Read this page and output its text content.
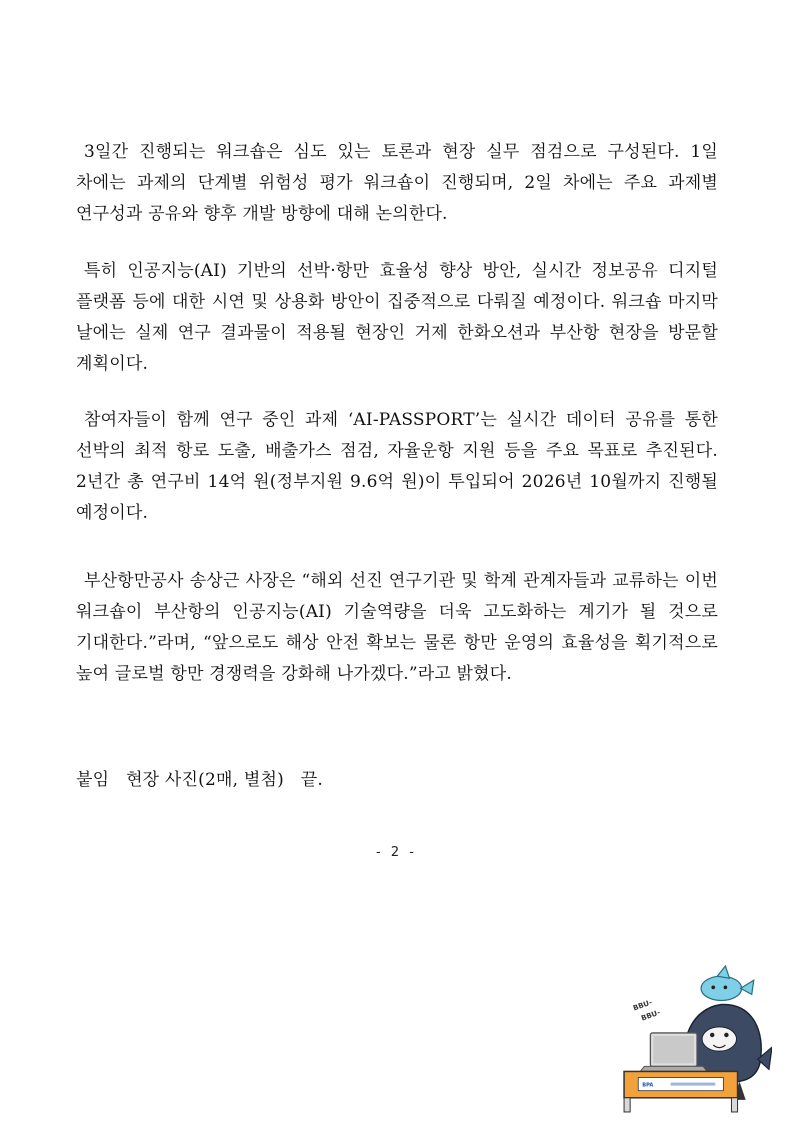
3일간 진행되는 워크숍은 심도 있는 토론과 현장 실무 점검으로 구성된다. 1일 차에는 과제의 단계별 위험성 평가 워크숍이 진행되며, 2일 차에는 주요 과제별 연구성과 공유와 향후 개발 방향에 대해 논의한다.
특히 인공지능(AI) 기반의 선박·항만 효율성 향상 방안, 실시간 정보공유 디지털 플랫폼 등에 대한 시연 및 상용화 방안이 집중적으로 다뤄질 예정이다. 워크숍 마지막 날에는 실제 연구 결과물이 적용될 현장인 거제 한화오션과 부산항 현장을 방문할 계획이다.
참여자들이 함께 연구 중인 과제 ‘AI-PASSPORT’는 실시간 데이터 공유를 통한 선박의 최적 항로 도출, 배출가스 점검, 자율운항 지원 등을 주요 목표로 추진된다. 2년간 총 연구비 14억 원(정부지원 9.6억 원)이 투입되어 2026년 10월까지 진행될 예정이다.
부산항만공사 송상근 사장은 “해외 선진 연구기관 및 학계 관계자들과 교류하는 이번 워크숍이 부산항의 인공지능(AI) 기술역량을 더욱 고도화하는 계기가 될 것으로 기대한다.”라며, “앞으로도 해상 안전 확보는 물론 항만 운영의 효율성을 획기적으로 높여 글로벌 항만 경쟁력을 강화해 나가겠다.”라고 밝혔다.
붙임 현장 사진(2매, 별첨) 끝.
- 2 -
BBU-
BBU-
BPA
